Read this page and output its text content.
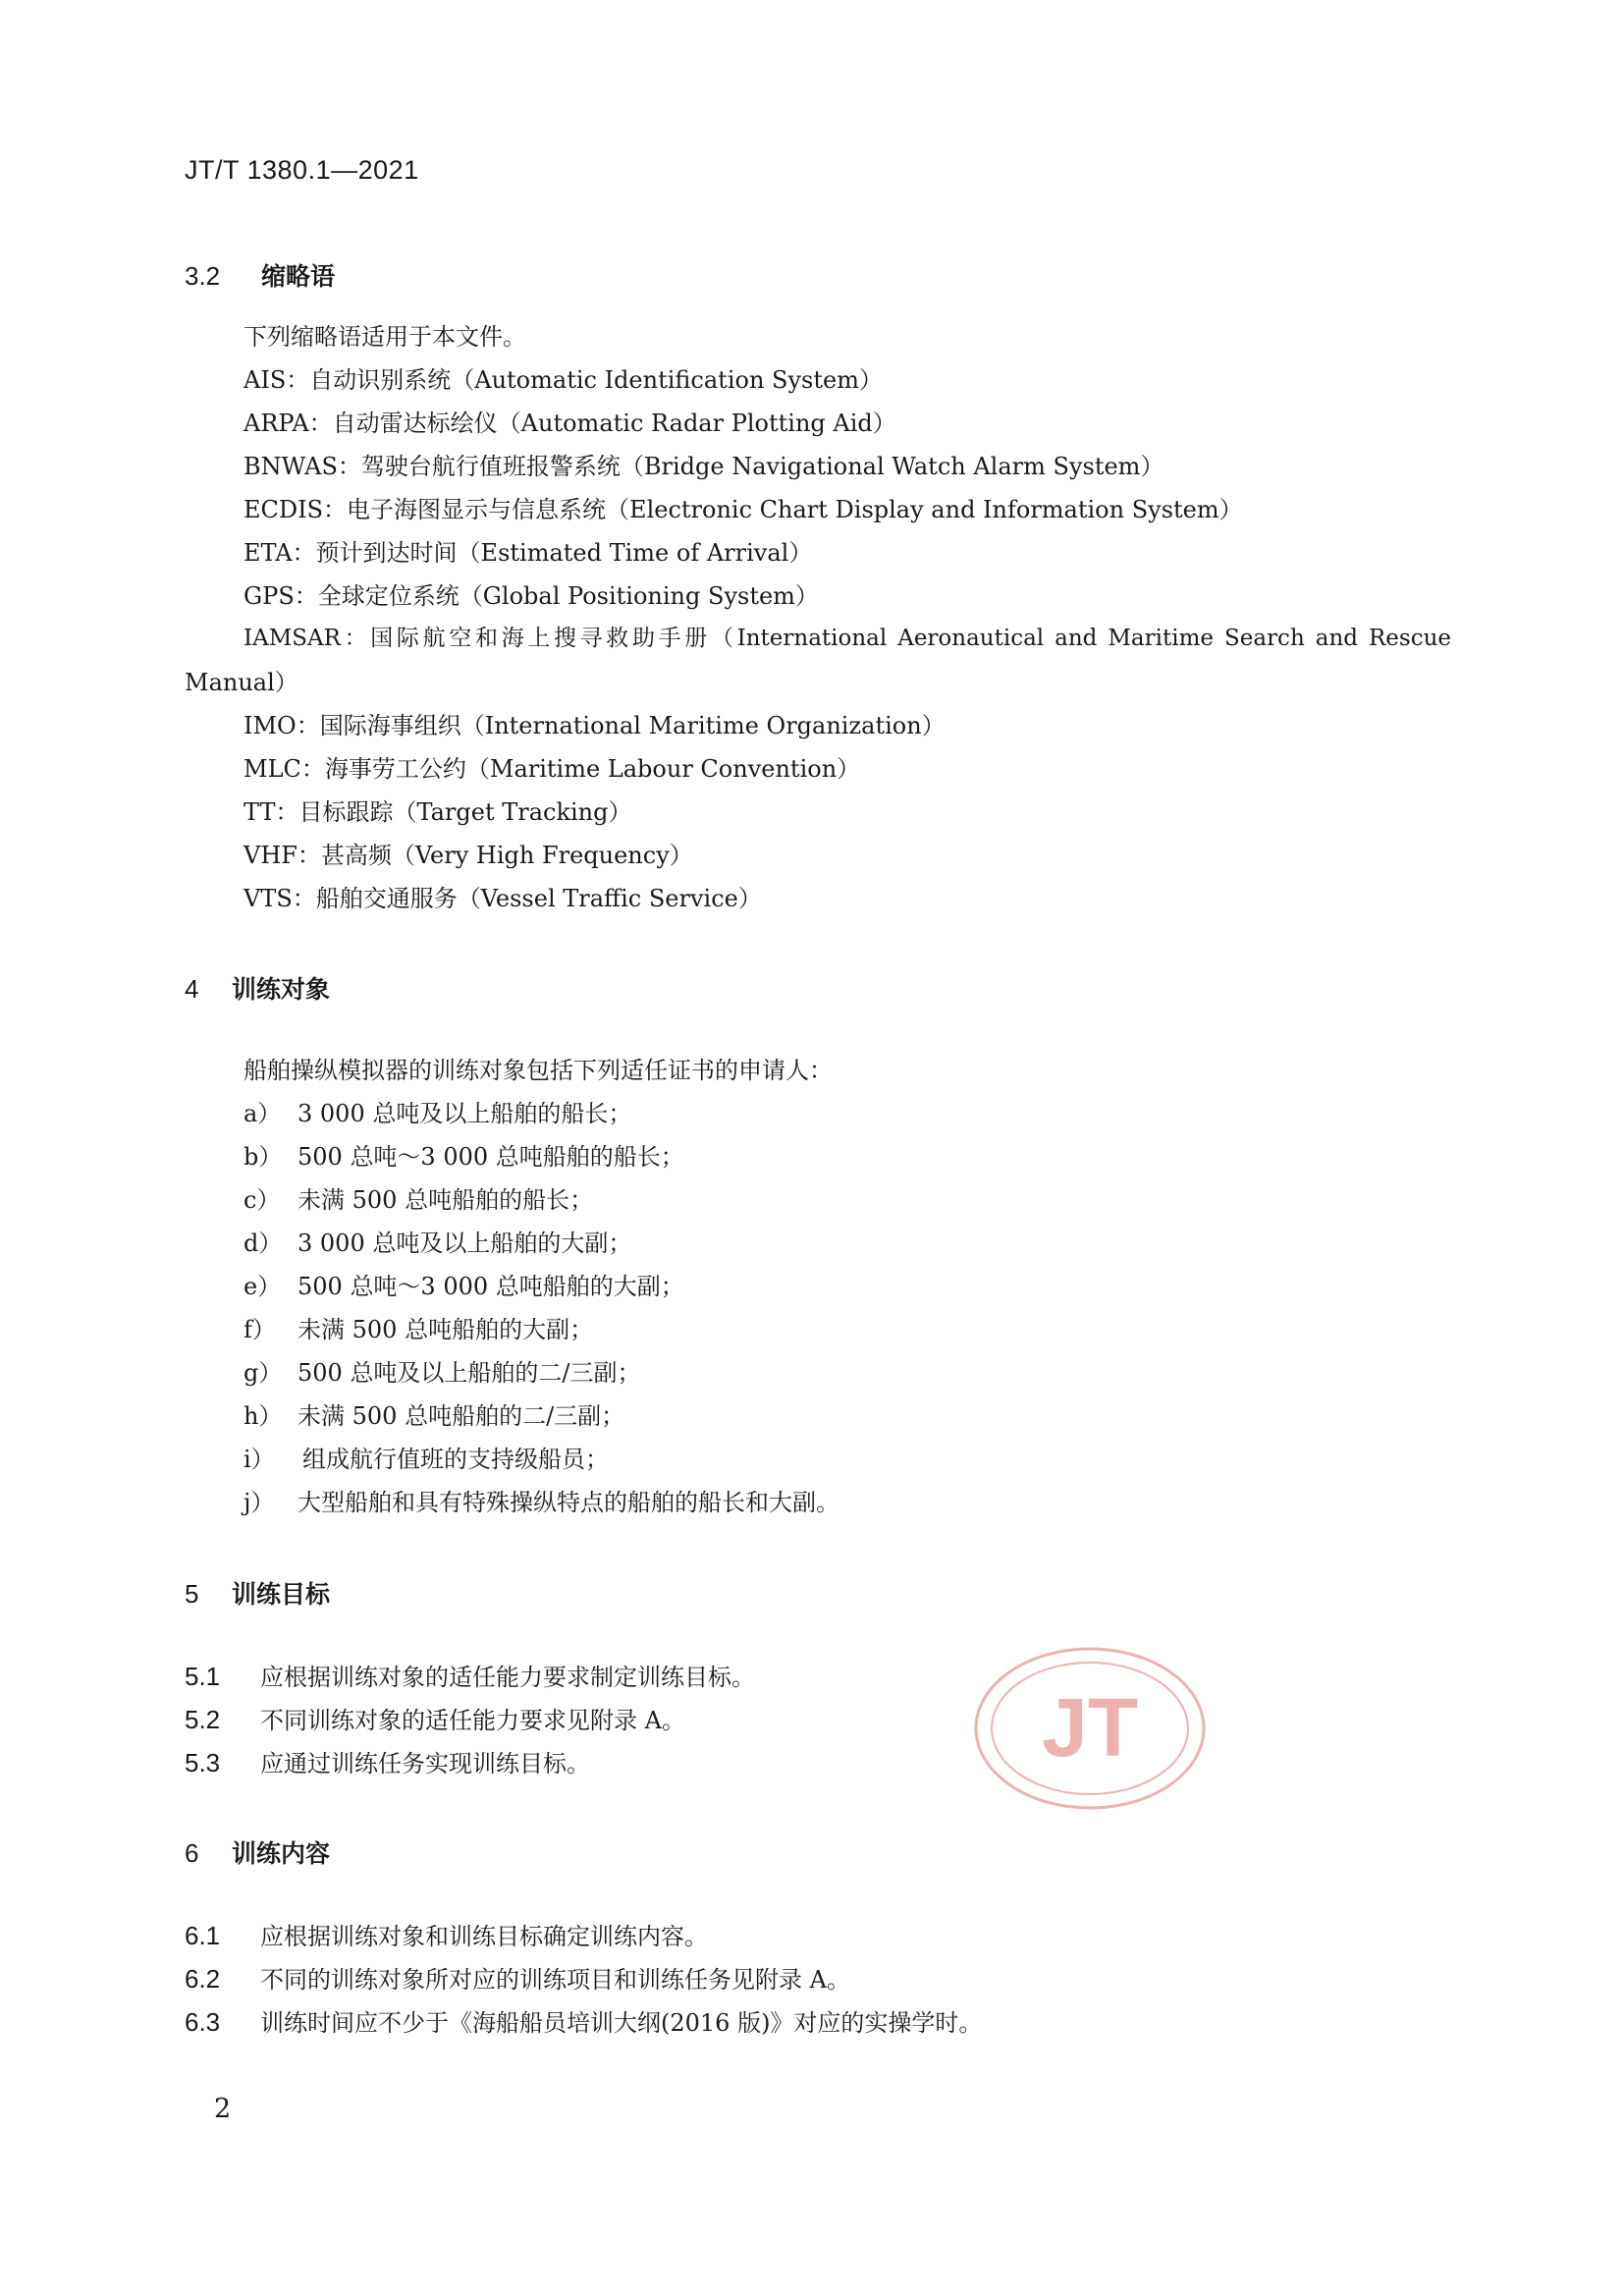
JT/T 1380.1—2021
3.2 缩略语
下列缩略语适用于本文件。
AIS：自动识别系统（Automatic Identification System）
ARPA：自动雷达标绘仪（Automatic Radar Plotting Aid）
BNWAS：驾驶台航行值班报警系统（Bridge Navigational Watch Alarm System）
ECDIS：电子海图显示与信息系统（Electronic Chart Display and Information System）
ETA：预计到达时间（Estimated Time of Arrival）
GPS：全球定位系统（Global Positioning System）
IAMSAR：国际航空和海上搜寻救助手册（International Aeronautical and Maritime Search and Rescue
Manual）
IMO：国际海事组织（International Maritime Organization）
MLC：海事劳工公约（Maritime Labour Convention）
TT：目标跟踪（Target Tracking）
VHF：甚高频（Very High Frequency）
VTS：船舶交通服务（Vessel Traffic Service）
4 训练对象
船舶操纵模拟器的训练对象包括下列适任证书的申请人：
a） 3 000 总吨及以上船舶的船长；
b） 500 总吨～3 000 总吨船舶的船长；
c） 未满 500 总吨船舶的船长；
d） 3 000 总吨及以上船舶的大副；
e） 500 总吨～3 000 总吨船舶的大副；
f） 未满 500 总吨船舶的大副；
g） 500 总吨及以上船舶的二/三副；
h） 未满 500 总吨船舶的二/三副；
i） 组成航行值班的支持级船员；
j） 大型船舶和具有特殊操纵特点的船舶的船长和大副。
5 训练目标
5.1 应根据训练对象的适任能力要求制定训练目标。
5.2 不同训练对象的适任能力要求见附录 A。
5.3 应通过训练任务实现训练目标。
6 训练内容
6.1 应根据训练对象和训练目标确定训练内容。
6.2 不同的训练对象所对应的训练项目和训练任务见附录 A。
6.3 训练时间应不少于《海船船员培训大纲(2016 版)》对应的实操学时。
JT
2
